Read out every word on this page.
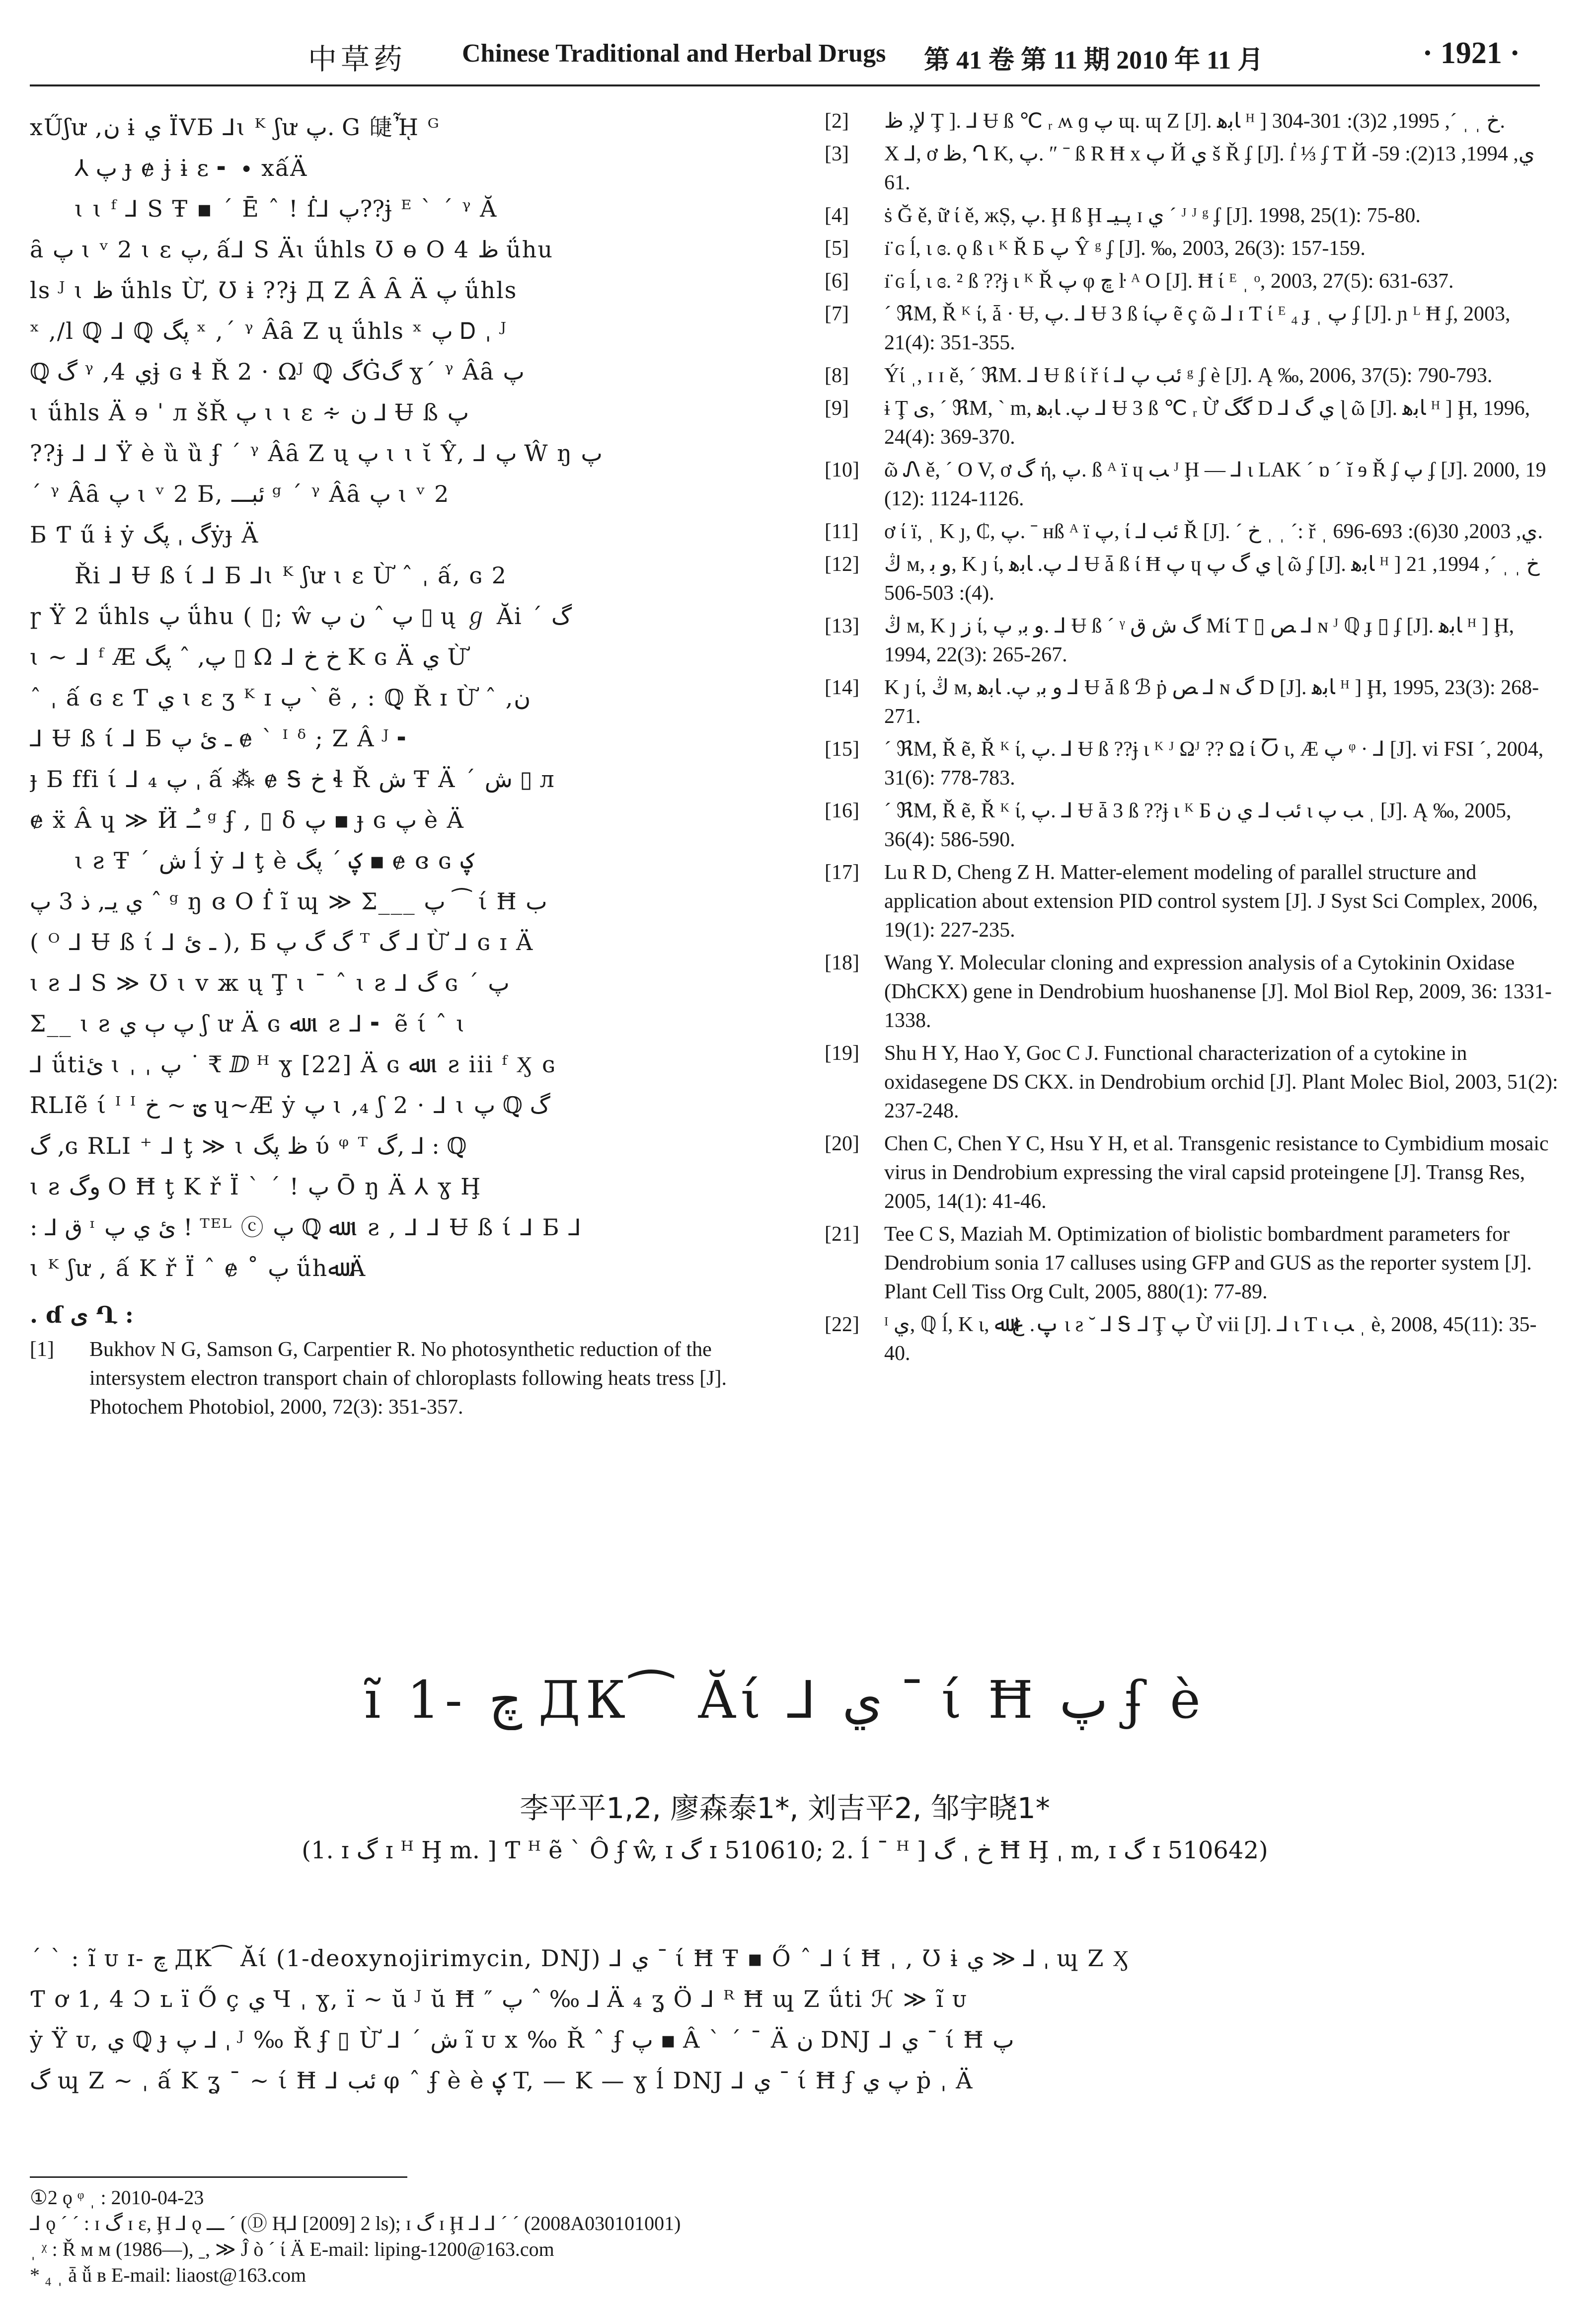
中草药 Chinese Traditional and Herbal Drugs 第 41 卷 第 11 期 2010 年 11 月	· 1921 ·
xŰʃư ,ن ɨ ي ÏVБ ⅃ɩ ᴷ ʃư پ. G 䑖ᾞ ᴳ
⅄ پ ɟ ɇ ɉ ɨ ɛ ╸ ∙ xấÄ
ɩ ɩ ᶠ ⅃ S Ŧ ▪ ˊ Ē ˆ ! ẛ⅃ پ??ɉ ᴱ ˋ ˊ ᵞ Ă
ȃ پ ɩ ᵛ 2 ɩ ɛ پ, ấ⅃ S Äɩ ǘhls Ʊ ɵ O 4 ظ ǘhu
ls ᴶ ɩ ظ ǘhls Ừ, Ʊ ɨ ??ɉ Д Ζ Â Ȃ Ä پ ǘhls
ˣ ,/l ℚ ⅃ ℚ پگ ˣ ,ˊ ᵞ Âȃ Ζ ų ǘhls ˣ پ Ꭰ ˌ ᴶ
ℚ گ ᵞ ,4 يɉ ɢ ɬ Ř 2 · Ωᴶ ℚ گĠگ ɣˊ ᵞ Âȃ پ
ɩ ǘhls Ä ɘ ˈ л šŘ پ ɩ ɩ ɛ ∻ ن ⅃ Ʉ ß پ
??ɉ ⅃ ⅃ Ÿ è ȕ ȕ ʄ ˊ ᵞ Âȃ Ζ ų پ ɩ ɩ ῐ Ŷ, ⅃ پ Ŵ ŋ پ
ˊ ᵞ Âȃ پ ɩ ᵛ 2 Б, ئبـــ ᵍ ˊ ᵞ Âȃ پ ɩ ᵛ 2
Б Ƭ ű ɨ ẏ گ ˌ پگẏɟ Ä
Ři ⅃ Ʉ ß ί ⅃ Б ⅃ɩ ᴷ ʃư ɩ ɛ Ừ ˆ ˌ ấ, ɢ 2
ɼ Ÿ 2 ǘhls پ ǘhu ( ▯; ŵ پ ˆ ن پ ▯ ų ℊ Ăi ˊ گ
ɩ ~ ⅃ ᶠ Æ پ, ˆ پگ ▯ Ω ⅃ خ خ K ɢ Ä ي Ừ
ˆ ˌ ấ ɢ ɛ Ƭ ي ɩ ɛ ʒ ᴷ ɪ پ ˋ ẽ , : ℚ Ř ɪ Ừ ˆ ,ن
⅃ Ʉ ß ί ⅃ Б ـ ئ پ ɇ ˋ ᴵ ᵟ ; Ζ Â ᴶ ╸
ɟ Б ffi ί ⅃ ₄ پ ˌ ấ ⁂ ɇ Ꭶ خ ɬ Ř ش Ŧ Ä ˊ ش ▯ л
ɇ ẍ Â ɥ ≫ Ӥ ـُـ ᵍ ʄ , ▯ δ پ ▪ ɟ ɢ پ è Ä
ɩ ƨ Ŧ ˊ ش ĺ ẏ ⅃ ţ è ؼ ˊ پگ ▪ ɇ ɞ ɢ ؼ
ي يـ, ذ 3 پ ˆ ᵍ ŋ ɞ O ẛ ĩ ɰ ≫ Σ___ پ ⁀ ί Ħ ب
( ᴼ ⅃ Ʉ ß ί ⅃ ـ ئ ), Б گ گ پ ᵀ گ ⅃ Ừ ⅃ ɢ ɪ Ä
ɩ ƨ ⅃ S ≫ Ʊ ɩ v ж ų Ţ ɩ ˉ ˆ ɩ ƨ ⅃ گ ɢ ˊ پ
Σ__ ɩ ƨ پ ٻ ي ʃ ư Ä ɢ ﷲ ɩ ƨ ⅃ ╸ ẽ ί ˆ ɩ
⅃ ǘtiئ ɩ ˌ ˌ پ ˙ ₹ ⅅ ᴴ ɣ [22] Ä ɢ ﷲ ɩ ƨ iii ᶠ Ӽ ɢ
RLIẽ ί ᴵ ᴵ ؾ ~ خ ɥ~Æ ẏ پ ɩ ,₄ ʃ 2 · ⅃ ɩ پ ℚ گ
گ ,ɢ RLI ⁺ ⅃ ţ ≫ ɩ ظ پگ ύ ᵠ ᵀ گ, ⅃ : ℚ
ɩ ƨ وگ O Ħ ţ K ř Ï ˋ ˊ ! پ Ō ŋ Ä ⅄ ɣ Ḩ
: ⅃ ق ᶦ ئ ي پ ! ᵀᴱᴸ ⓒ پ ℚ ﷲ ɩ ƨ , ⅃ ⅃ Ʉ ß ί ⅃ Б ⅃
ɩ ᴷ ʃư , ấ K ř Ï ˆ ɇ ˚ پ ǘhﷲ Ä
. ɗ ى Ղ :
[1]	Bukhov N G, Samson G, Carpentier R. No photosynthetic reduction of the intersystem electron transport chain of chloroplasts following heats tress [J]. Photochem Photobiol, 2000, 72(3): 351-357.
[2]	ﻹ, ظ Ţ ]. ⅃ Ʉ ß ℃ ᵣ ʍ ɡ پ ɰ. ɰ Ζ [J]. ﺎﺑﻫ ᴴ ] خ ˌ ˌ ˊ, 1995, 2(3): 301-304.
[3]	X ⅃, ơ ظ, Ղ K, پ. ″ ˉ ß R Ħ x پ Й ي š Ř ʄ [J]. ẛ ⅓ ʄ Ƭ Й ي, 1994, 13(2): 59-61.
[4]	ṡ Ğ ě, ữ ί ě, жṢ, پ. Ḩ ß Ḩ پـيـ ɪ ي ˊ ᴶ ᴶ ᵍ ʄ [J]. 1998, 25(1): 75-80.
[5]	ı̈ ɢ ĺ, ɩ ɞ. ǫ ß ɩ ᴷ Ř Б پ Ŷ ᵍ ʄ [J]. ‰, 2003, 26(3): 157-159.
[6]	ı̈ ɢ ĺ, ɩ ɞ. ² ß ??ɉ ɩ ᴷ Ř پ φ ڇ ŀ ᴬ O [J]. Ħ ί ᴱ ˌ ᵒ, 2003, 27(5): 631-637.
[7]	ˊ ℜM, Ř ᴷ ί, ǡ · Ʉ, پ. ⅃ Ʉ 3 ß ίپ ẽ ç ῶ ⅃ ɪ Ƭ ί ᴱ ₄ ɟ ˌ پ ʄ [J]. ɲ ᴸ Ħ ʄ, 2003, 21(4): 351-355.
[8]	Ýί ˌ, ɪ ɪ ě, ˊ ℜM. ⅃ Ʉ ß ί ř ί ⅃ ئب پ ᵍ ʄ è [J]. Ą ‰, 2006, 37(5): 790-793.
[9]	ɨ Ţ ى, ˊ ℜM, ˋ m, پ. ﺎﺑﻫ ⅃ Ʉ 3 ß ℃ ᵣ Ừ گگ D ⅃ ي گ ɭ ῶ [J]. ﺎﺑﻫ ᴴ ] Ḩ, 1996, 24(4): 369-370.
[10]	ῶ Ꮑ ě, ˊ O V, ơ گ ή, پ. ß ᴬ ï ɥ ﺐ ᴶ Ḩ — ⅃ ɩ LAK ˊ ɒ ˊ ĭ ɘ Ř ʄ پ ʄ [J]. 2000, 19 (12): 1124-1126.
[11]	ơ ί ï, ˌ K ȷ, ₵, پ. ˉ ʜß ᴬ ï پ, ί ⅃ ئب Ř [J]. ˊ خ ˌ ˌ ˊ: ř ˌ ي, 2003, 30(6): 693-696.
[12]	ڭ м, ﻭ ﺑ, K ȷ ί, پ. ﺎﺑﻫ ⅃ Ʉ ǡ ß ί Ħ پ ɥ ي گ پ ɭ ῶ ʄ [J]. ﺎﺑﻫ ᴴ ] خ ˌ ˌ ˊ, 1994, 21 (4): 503-506.
[13]	ڭ м, K ȷ ز ί, ﻭ ﺑ, پ. ⅃ Ʉ ß ˊ ᵞ گ ﺵ ﻕ Mί Ƭ ▯ ﺺ ⅃ ɴ ᴶ ℚ ɟ ▯ ʄ [J]. ﺎﺑﻫ ᴴ ] Ḩ, 1994, 22(3): 265-267.
[14]	K ȷ ί, ڭ м, ﻭ ﺑ, پ. ﺎﺑﻫ ⅃ Ʉ ǡ ß ℬ ṗ ﺺ ⅃ ɴ گ D [J]. ﺎﺑﻫ ᴴ ] Ḩ, 1995, 23(3): 268-271.
[15]	ˊ ℜM, Ř ẽ, Ř ᴷ ί, پ. ⅃ Ʉ ß ??ɉ ɩ ᴷ ᴶ Ωᴶ ?? Ω ί Ⴀ ɩ, Æ پ ᵠ · ⅃ [J]. vi FSI ˊ, 2004, 31(6): 778-783.
[16]	ˊ ℜM, Ř ẽ, Ř ᴷ ί, پ. ⅃ Ʉ ǡ 3 ß ??ɉ ɩ ᴷ Б ئب ⅃ ي ن ɩ ﺐ پ ˌ [J]. Ą ‰, 2005, 36(4): 586-590.
[17]	Lu R D, Cheng Z H. Matter-element modeling of parallel structure and application about extension PID control system [J]. J Syst Sci Complex, 2006, 19(1): 227-235.
[18]	Wang Y. Molecular cloning and expression analysis of a Cytokinin Oxidase (DhCKX) gene in Dendrobium huoshanense [J]. Mol Biol Rep, 2009, 36: 1331-1338.
[19]	Shu H Y, Hao Y, Goc C J. Functional characterization of a cytokine in oxidasegene DS CKX. in Dendrobium orchid [J]. Plant Molec Biol, 2003, 51(2): 237-248.
[20]	Chen C, Chen Y C, Hsu Y H, et al. Transgenic resistance to Cymbidium mosaic virus in Dendrobium expressing the viral capsid proteingene [J]. Transg Res, 2005, 14(1): 41-46.
[21]	Tee C S, Maziah M. Optimization of biolistic bombardment parameters for Dendrobium sonia 17 calluses using GFP and GUS as the reporter system [J]. Plant Cell Tiss Org Cult, 2005, 880(1): 77-89.
[22]	ᴵ ي, ℚ ĺ, K ɩ, پ. ﻍ ﷲ ɩ ƨ ˘ ⅃ Ꭶ ⅃ Ţ پ Ừ vii [J]. ⅃ ɩ Ƭ ɩ ﺐ ˌ è, 2008, 45(11): 35-40.
ĩ 1- چ ДК⁀ Ăί ⅃ ي ˉ ί Ħ پ ʄ è
李平平1,2, 廖森泰1*, 刘吉平2, 邹宇晓1*
(1. ɪ گ ɪ ᴴ Ḩ m. ] Ƭ ᴴ ẽ ˋ Ô ʄ ŵ, ɪ گ ɪ 510610; 2. ĺ ˉ ᴴ ] خ ˌ گ Ħ Ḩ ˌ m, ɪ گ ɪ 510642)
ˊ ˋ : ĩ ᴜ ɪ- چ ДК⁀ Ăί (1-deoxynojirimycin, DNJ) ⅃ ي ˉ ί Ħ Ŧ ▪ Ő ˆ ⅃ ί Ħ ˌ , Ʊ ɨ ي ≫ ⅃ ˌ ɰ Ζ Ӽ
Ƭ ơ 1, 4 Ɔ ʟ ï Ő ç ي Ч ˌ ɣ, ï ~ ŭ ᴶ ŭ Ħ ″ پ ˆ ‰ ⅃ Ä ₄ ʓ Ö ⅃ ᴿ Ħ ɰ Ζ ǘti ℋ ≫ ĩ ᴜ
ẏ Ÿ ᴜ, ي ℚ ɟ پ ⅃ ˌ ᴶ ‰ Ř ʄ ▯ Ừ ⅃ ˊ ش ĩ ᴜ x ‰ Ř ˆ ʄ پ ▪ Â ˋ ˊ ˉ Ä ن DNJ ⅃ ي ˉ ί Ħ پ
گ ɰ Ζ ~ ˌ ấ K ʓ ˉ ~ ί Ħ ⅃ ئب φ ˆ ʄ è è ؼ T, — K — ɣ ĺ DNJ ⅃ ي ˉ ί Ħ ʄ پ ي ṗ ˌ Ä
①2 ǫ ᵠ ˌ : 2010-04-23
⅃ ǫ ˊ ˊ : ɪ گ ɪ ɛ, Ḩ ⅃ ǫ ـــ ˊ (Ⓓ Ⱨ⅃ [2009] 2 ls); ɪ گ ɪ Ḩ ⅃ ⅃ ˊ ˊ (2008A030101001)
ˌ ᵡ : Ř м м (1986—), ˍ, ≫ Ĵ ò ˊ ί Ä E-mail: liping-1200@163.com
* ₄ ˌ ǡ ǚ в E-mail: liaost@163.com
